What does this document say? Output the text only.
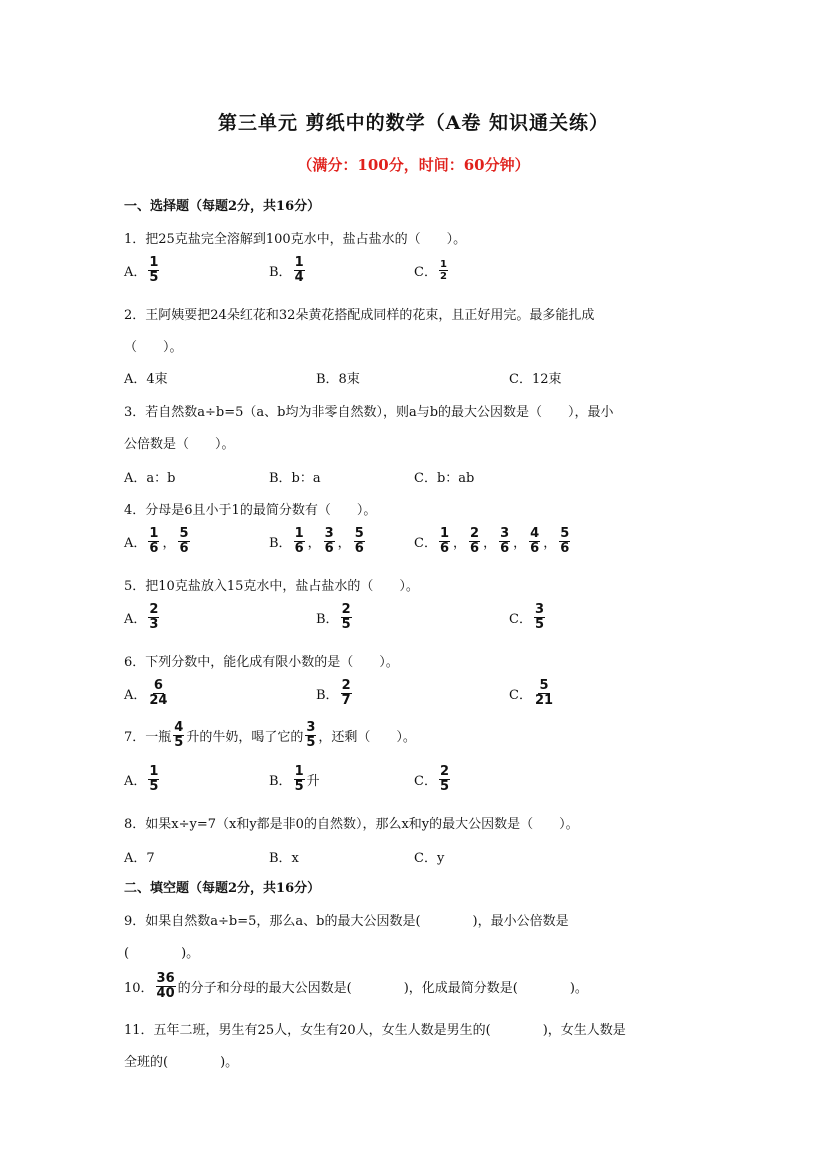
第三单元 剪纸中的数学（A卷 知识通关练）
（满分：100分，时间：60分钟）
一、选择题（每题2分，共16分）
1．把25克盐完全溶解到100克水中，盐占盐水的（　　）。
A． $\frac{1}{5}$	B． $\frac{1}{4}$	C． $\frac{1}{2}$
2．王阿姨要把24朵红花和32朵黄花搭配成同样的花束，且正好用完。最多能扎成
（　　）。
A．4束	B．8束	C．12束
3．若自然数a÷b=5（a、b均为非零自然数），则a与b的最大公因数是（　　），最小
公倍数是（　　）。
A．a：b	B．b：a	C．b：ab
4．分母是6且小于1的最简分数有（　　）。
A． $\frac{1}{6}$ ， $\frac{5}{6}$	B． $\frac{1}{6}$ ， $\frac{3}{6}$ ， $\frac{5}{6}$	C． $\frac{1}{6}$ ， $\frac{2}{6}$ ， $\frac{3}{6}$ ， $\frac{4}{6}$ ， $\frac{5}{6}$
5．把10克盐放入15克水中，盐占盐水的（　　）。
A． $\frac{2}{3}$	B． $\frac{2}{5}$	C． $\frac{3}{5}$
6．下列分数中，能化成有限小数的是（　　）。
A． $\frac{6}{24}$	B． $\frac{2}{7}$	C． $\frac{5}{21}$
7．一瓶 $\frac{4}{5}$ 升的牛奶，喝了它的 $\frac{3}{5}$ ，还剩（　　）。
A． $\frac{1}{5}$	B． $\frac{1}{5}$ 升	C． $\frac{2}{5}$
8．如果x÷y=7（x和y都是非0的自然数），那么x和y的最大公因数是（　　）。
A．7	B．x	C．y
二、填空题（每题2分，共16分）
9．如果自然数a÷b=5，那么a、b的最大公因数是(　　　　)，最小公倍数是
(　　　　)。
10． $\frac{36}{40}$ 的分子和分母的最大公因数是(　　　　)，化成最简分数是(　　　　)。
11．五年二班，男生有25人，女生有20人，女生人数是男生的(　　　　)，女生人数是
全班的(　　　　)。
